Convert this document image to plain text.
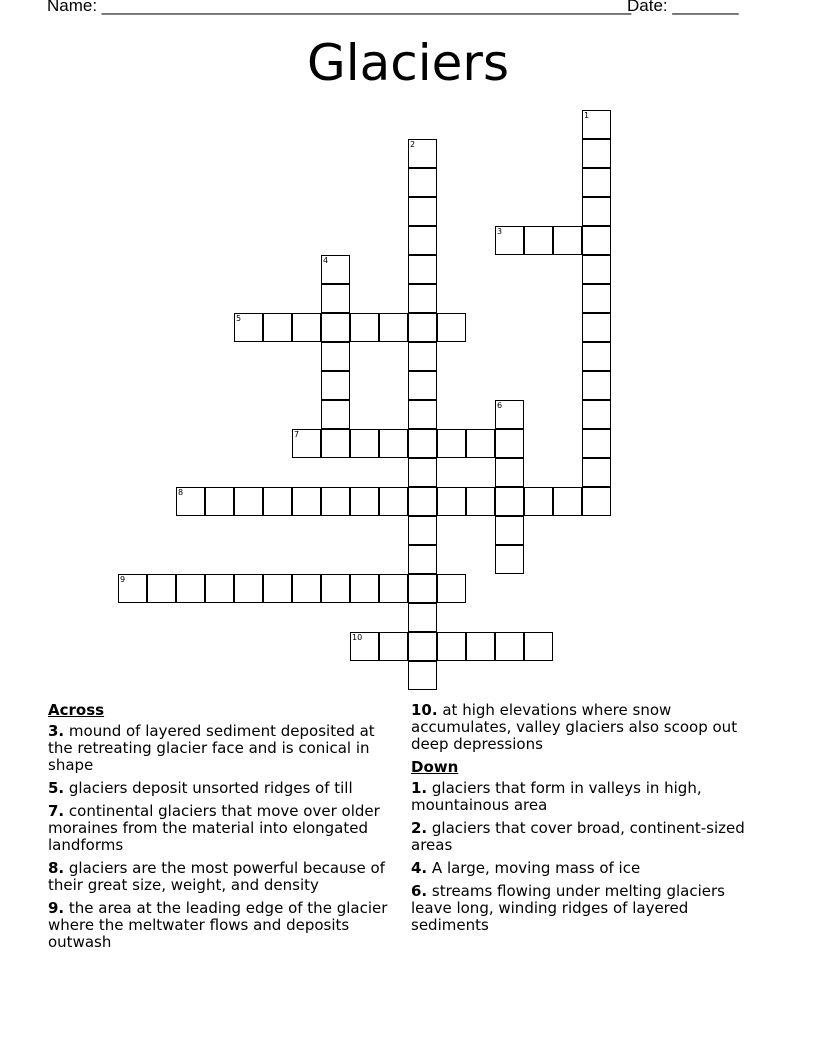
Name: ________________________________________________________
Date: _______
Glaciers
1
2
3
4
5
6
7
8
9
10
Across
3. mound of layered sediment deposited at the retreating glacier face and is conical in shape
5. glaciers deposit unsorted ridges of till
7. continental glaciers that move over older moraines from the material into elongated landforms
8. glaciers are the most powerful because of their great size, weight, and density
9. the area at the leading edge of the glacier where the meltwater flows and deposits outwash
10. at high elevations where snow accumulates, valley glaciers also scoop out deep depressions
Down
1. glaciers that form in valleys in high, mountainous area
2. glaciers that cover broad, continent-sized areas
4. A large, moving mass of ice
6. streams flowing under melting glaciers leave long, winding ridges of layered sediments
